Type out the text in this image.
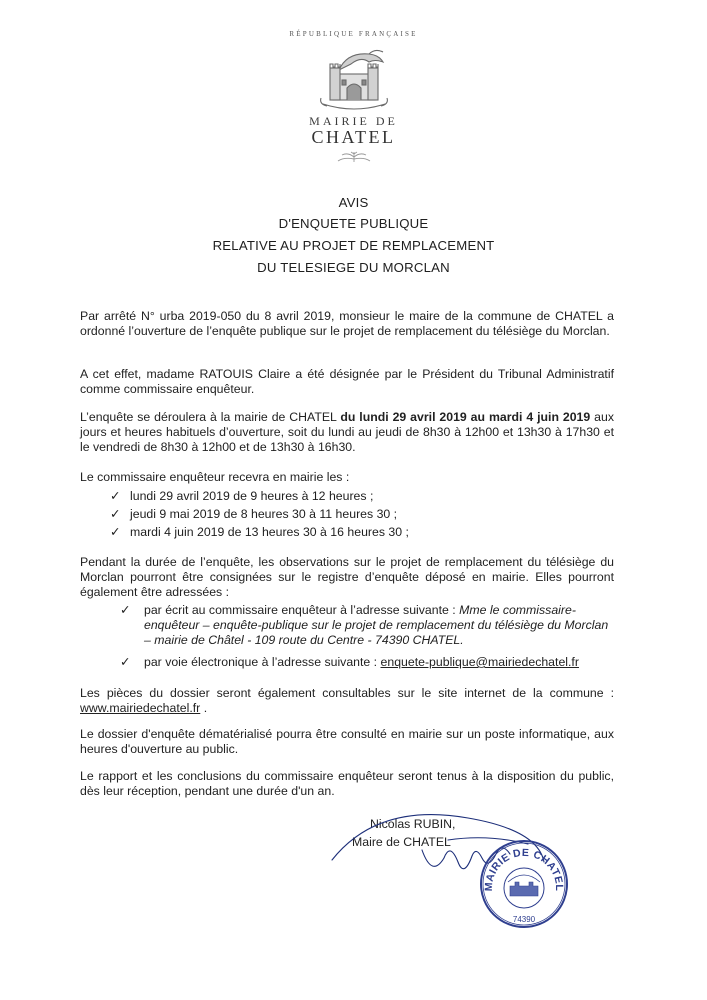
RÉPUBLIQUE FRANÇAISE
MAIRIE DE
CHATEL
AVIS
D'ENQUETE PUBLIQUE
RELATIVE AU PROJET DE REMPLACEMENT
DU TELESIEGE DU MORCLAN
Par arrêté N° urba 2019-050 du 8 avril 2019, monsieur le maire de la commune de CHATEL a ordonné l’ouverture de l’enquête publique sur le projet de remplacement du télésiège du Morclan.
A cet effet, madame RATOUIS Claire a été désignée par le Président du Tribunal Administratif comme commissaire enquêteur.
L’enquête se déroulera à la mairie de CHATEL du lundi 29 avril 2019 au mardi 4 juin 2019 aux jours et heures habituels d’ouverture, soit du lundi au jeudi de 8h30 à 12h00 et 13h30 à 17h30 et le vendredi de 8h30 à 12h00 et de 13h30 à 16h30.
Le commissaire enquêteur recevra en mairie les :
✓ lundi 29 avril 2019 de 9 heures à 12 heures ;
✓ jeudi 9 mai 2019 de 8 heures 30 à 11 heures 30 ;
✓ mardi 4 juin 2019 de 13 heures 30 à 16 heures 30 ;
Pendant la durée de l’enquête, les observations sur le projet de remplacement du télésiège du Morclan pourront être consignées sur le registre d’enquête déposé en mairie. Elles pourront également être adressées :
✓ par écrit au commissaire enquêteur à l’adresse suivante : Mme le commissaire-enquêteur – enquête-publique sur le projet de remplacement du télésiège du Morclan – mairie de Châtel - 109 route du Centre - 74390 CHATEL.
✓ par voie électronique à l’adresse suivante : enquete-publique@mairiedechatel.fr
Les pièces du dossier seront également consultables sur le site internet de la commune : www.mairiedechatel.fr .
Le dossier d'enquête dématérialisé pourra être consulté en mairie sur un poste informatique, aux heures d'ouverture au public.
Le rapport et les conclusions du commissaire enquêteur seront tenus à la disposition du public, dès leur réception, pendant une durée d'un an.
Nicolas RUBIN,
Maire de CHATEL
MAIRIE DE CHATEL
74390
